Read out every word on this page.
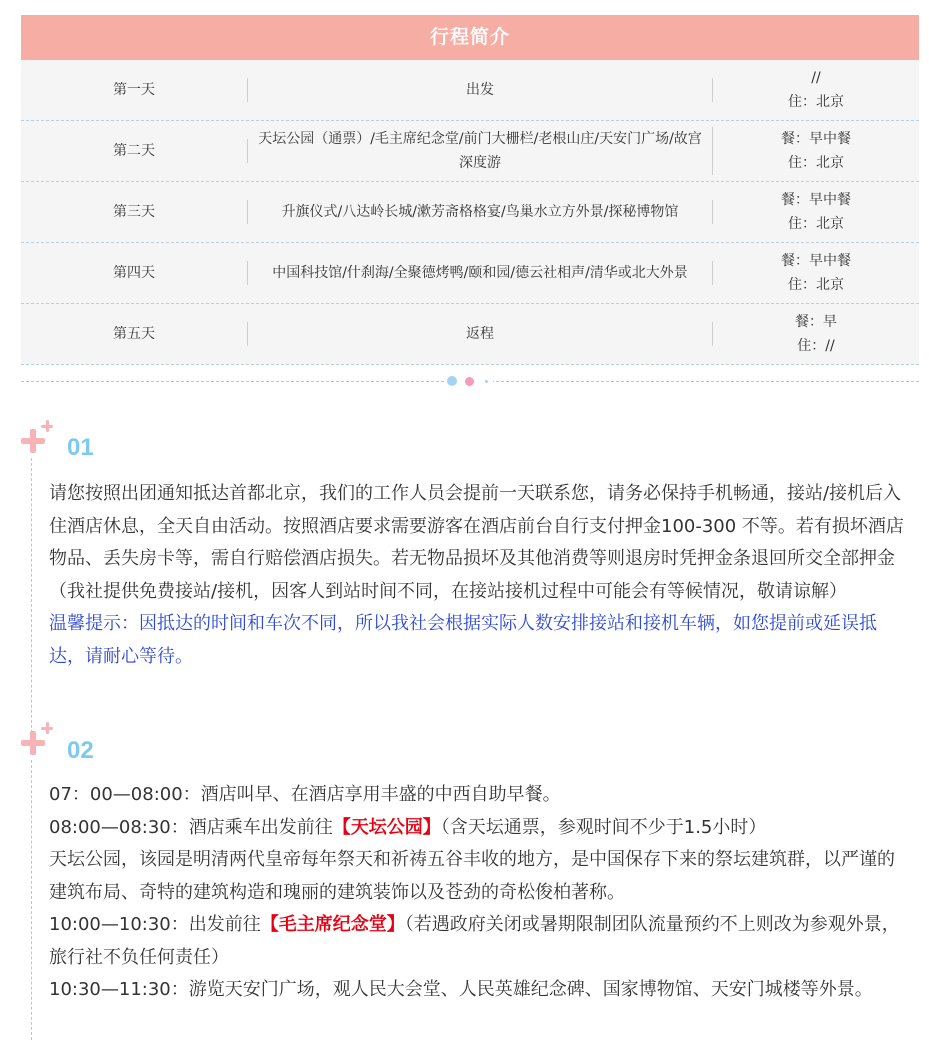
行程简介
第一天	出发
//
住：北京
第二天
天坛公园（通票）/毛主席纪念堂/前门大栅栏/老根山庄/天安门广场/故宫深度游
餐：早中餐
住：北京
第三天	升旗仪式/八达岭长城/漱芳斋格格宴/鸟巢水立方外景/探秘博物馆
餐：早中餐
住：北京
第四天	中国科技馆/什刹海/全聚德烤鸭/颐和园/德云社相声/清华或北大外景
餐：早中餐
住：北京
第五天	返程
餐：早
住：//
01

请您按照出团通知抵达首都北京，我们的工作人员会提前一天联系您，请务必保持手机畅通，接站/接机后入住酒店休息，全天自由活动。按照酒店要求需要游客在酒店前台自行支付押金100-300 不等。若有损坏酒店物品、丢失房卡等，需自行赔偿酒店损失。若无物品损坏及其他消费等则退房时凭押金条退回所交全部押金（我社提供免费接站/接机，因客人到站时间不同，在接站接机过程中可能会有等候情况，敬请谅解）

温馨提示：因抵达的时间和车次不同，所以我社会根据实际人数安排接站和接机车辆，如您提前或延误抵达，请耐心等待。

02

07：00—08:00：酒店叫早、在酒店享用丰盛的中西自助早餐。

08:00—08:30：酒店乘车出发前往【天坛公园】（含天坛通票，参观时间不少于1.5小时）

天坛公园，该园是明清两代皇帝每年祭天和祈祷五谷丰收的地方，是中国保存下来的祭坛建筑群，以严谨的建筑布局、奇特的建筑构造和瑰丽的建筑装饰以及苍劲的奇松俊柏著称。

10:00—10:30：出发前往【毛主席纪念堂】（若遇政府关闭或暑期限制团队流量预约不上则改为参观外景，旅行社不负任何责任）

10:30—11:30：游览天安门广场，观人民大会堂、人民英雄纪念碑、国家博物馆、天安门城楼等外景。
